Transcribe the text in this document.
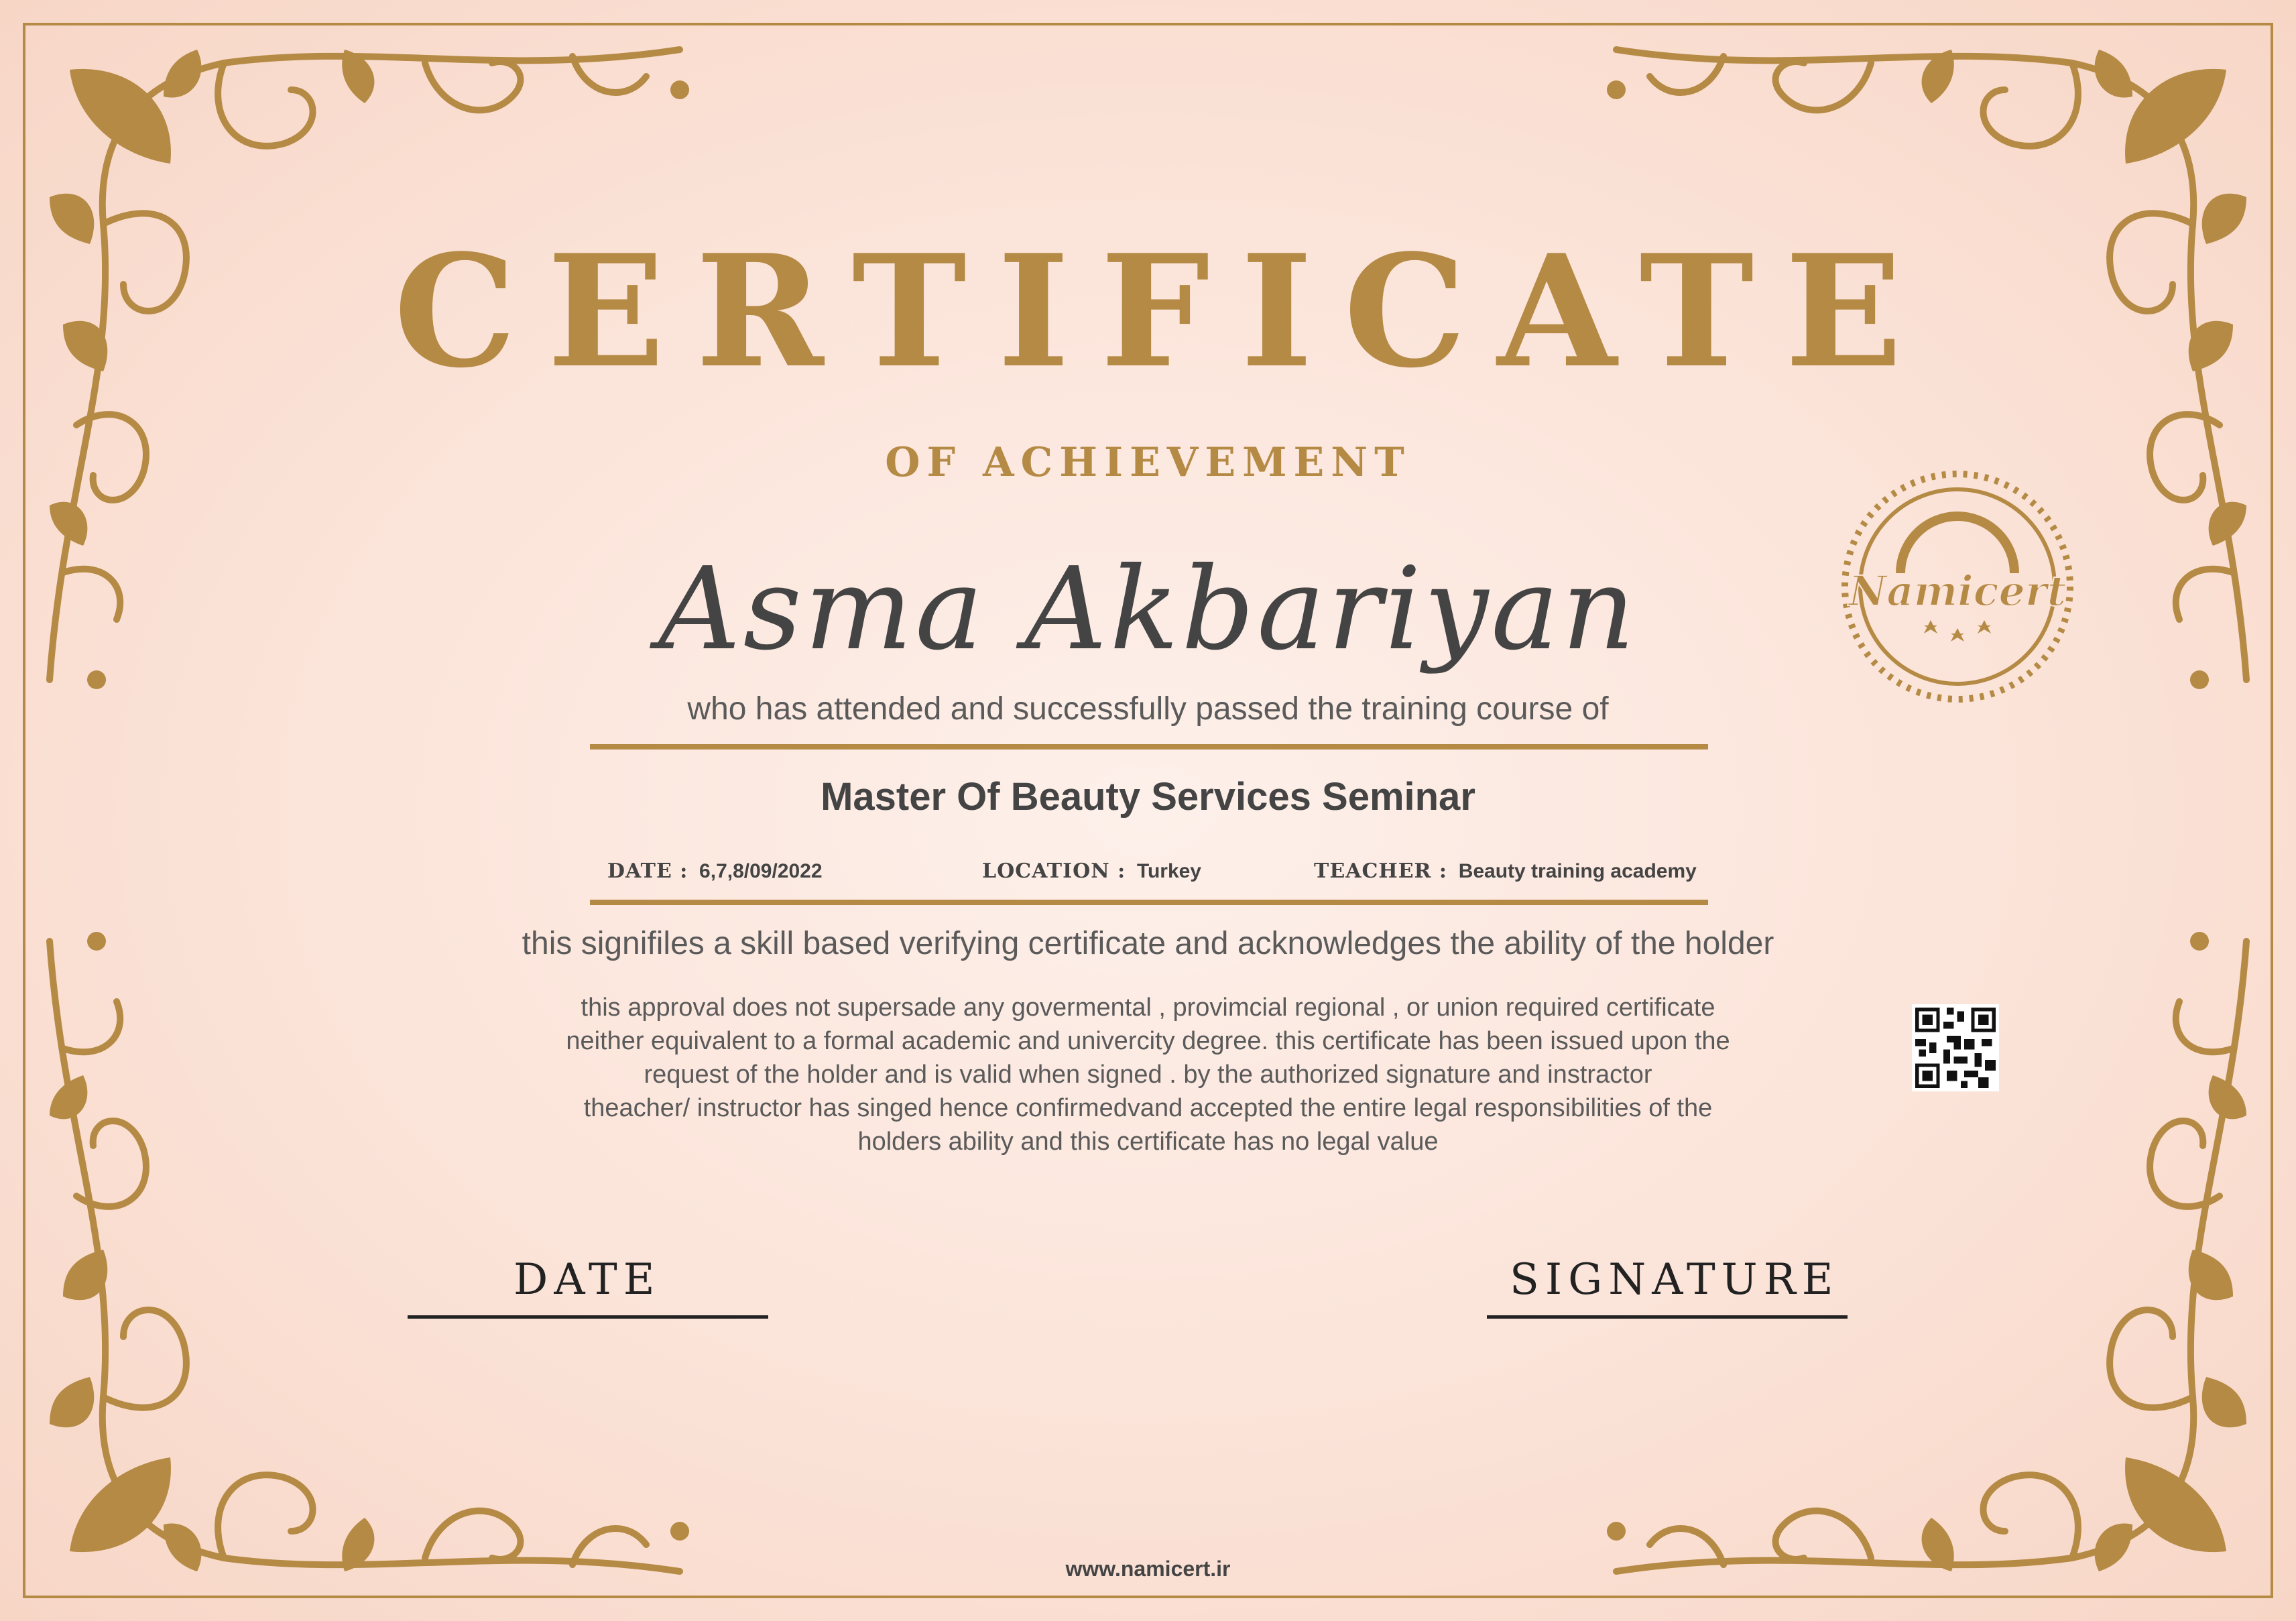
CERTIFICATE
OF ACHIEVEMENT
Asma Akbariyan
who has attended and successfully passed the training course of
Master Of Beauty Services Seminar
DATE : 6,7,8/09/2022	LOCATION : Turkey	TEACHER : Beauty training academy
this signifiles a skill based verifying certificate and acknowledges the ability of the holder
this approval does not supersade any govermental , provimcial regional , or union required certificate
neither equivalent to a formal academic and univercity degree. this certificate has been issued upon the
request of the holder and is valid when signed . by the authorized signature and instractor
theacher/ instructor has singed hence confirmedvand accepted the entire legal responsibilities of the
holders ability and this certificate has no legal value
Namicert
DATE	SIGNATURE
www.namicert.ir
